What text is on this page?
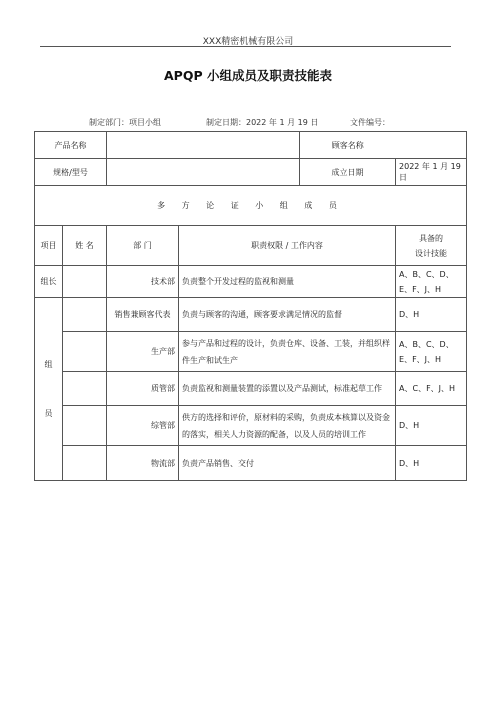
XXX精密机械有限公司
APQP 小组成员及职责技能表
制定部门：项目小组	制定日期：2022 年 1 月 19 日	文件编号：
产品名称				顾客名称	
规格/型号				成立日期	2022 年 1 月 19 日
多 方 论 证 小 组 成 员					
项目	姓 名	部 门	职责权限 / 工作内容		具备的
设计技能

组长		技术部	负责整个开发过程的监视和测量		A、B、C、D、E、F、J、H

组
员		销售兼顾客代表	负责与顾客的沟通，顾客要求满足情况的监督		D、H
		生产部	参与产品和过程的设计，负责仓库、设备、工装，并组织样件生产和试生产		A、B、C、D、E、F、J、H
		质管部	负责监视和测量装置的添置以及产品测试，标准起草工作		A、C、F、J、H
		综管部	供方的选择和评价，原材料的采购，负责成本核算以及资金的落实，相关人力资源的配备，以及人员的培训工作		D、H
		物流部	负责产品销售、交付		D、H
